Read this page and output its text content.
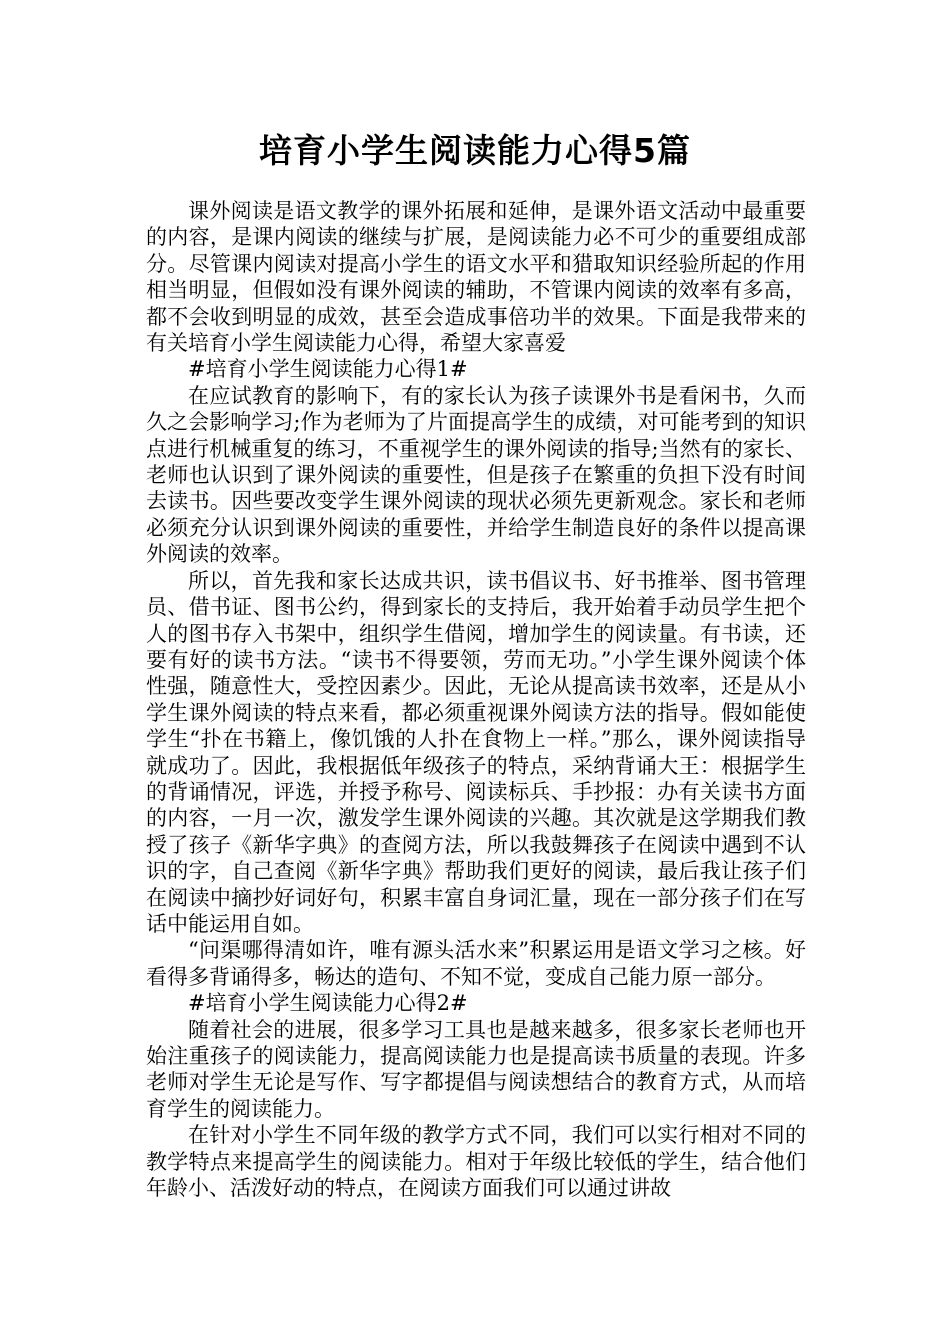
培育小学生阅读能力心得5篇

课外阅读是语文教学的课外拓展和延伸，是课外语文活动中最重要的内容，是课内阅读的继续与扩展，是阅读能力必不可少的重要组成部分。尽管课内阅读对提高小学生的语文水平和猎取知识经验所起的作用相当明显，但假如没有课外阅读的辅助，不管课内阅读的效率有多高，都不会收到明显的成效，甚至会造成事倍功半的效果。下面是我带来的有关培育小学生阅读能力心得，希望大家喜爱

#培育小学生阅读能力心得1#

在应试教育的影响下，有的家长认为孩子读课外书是看闲书，久而久之会影响学习;作为老师为了片面提高学生的成绩，对可能考到的知识点进行机械重复的练习，不重视学生的课外阅读的指导;当然有的家长、老师也认识到了课外阅读的重要性，但是孩子在繁重的负担下没有时间去读书。因些要改变学生课外阅读的现状必须先更新观念。家长和老师必须充分认识到课外阅读的重要性，并给学生制造良好的条件以提高课外阅读的效率。

所以，首先我和家长达成共识，读书倡议书、好书推举、图书管理员、借书证、图书公约，得到家长的支持后，我开始着手动员学生把个人的图书存入书架中，组织学生借阅，增加学生的阅读量。有书读，还要有好的读书方法。“读书不得要领，劳而无功。”小学生课外阅读个体性强，随意性大，受控因素少。因此，无论从提高读书效率，还是从小学生课外阅读的特点来看，都必须重视课外阅读方法的指导。假如能使学生“扑在书籍上，像饥饿的人扑在食物上一样。”那么，课外阅读指导就成功了。因此，我根据低年级孩子的特点，采纳背诵大王：根据学生的背诵情况，评选，并授予称号、阅读标兵、手抄报：办有关读书方面的内容，一月一次，激发学生课外阅读的兴趣。其次就是这学期我们教授了孩子《新华字典》的查阅方法，所以我鼓舞孩子在阅读中遇到不认识的字，自己查阅《新华字典》帮助我们更好的阅读，最后我让孩子们在阅读中摘抄好词好句，积累丰富自身词汇量，现在一部分孩子们在写话中能运用自如。

“问渠哪得清如许，唯有源头活水来”积累运用是语文学习之核。好看得多背诵得多，畅达的造句、不知不觉，变成自己能力原一部分。

#培育小学生阅读能力心得2#

随着社会的进展，很多学习工具也是越来越多，很多家长老师也开始注重孩子的阅读能力，提高阅读能力也是提高读书质量的表现。许多老师对学生无论是写作、写字都提倡与阅读想结合的教育方式，从而培育学生的阅读能力。

在针对小学生不同年级的教学方式不同，我们可以实行相对不同的教学特点来提高学生的阅读能力。相对于年级比较低的学生，结合他们年龄小、活泼好动的特点，在阅读方面我们可以通过讲故
